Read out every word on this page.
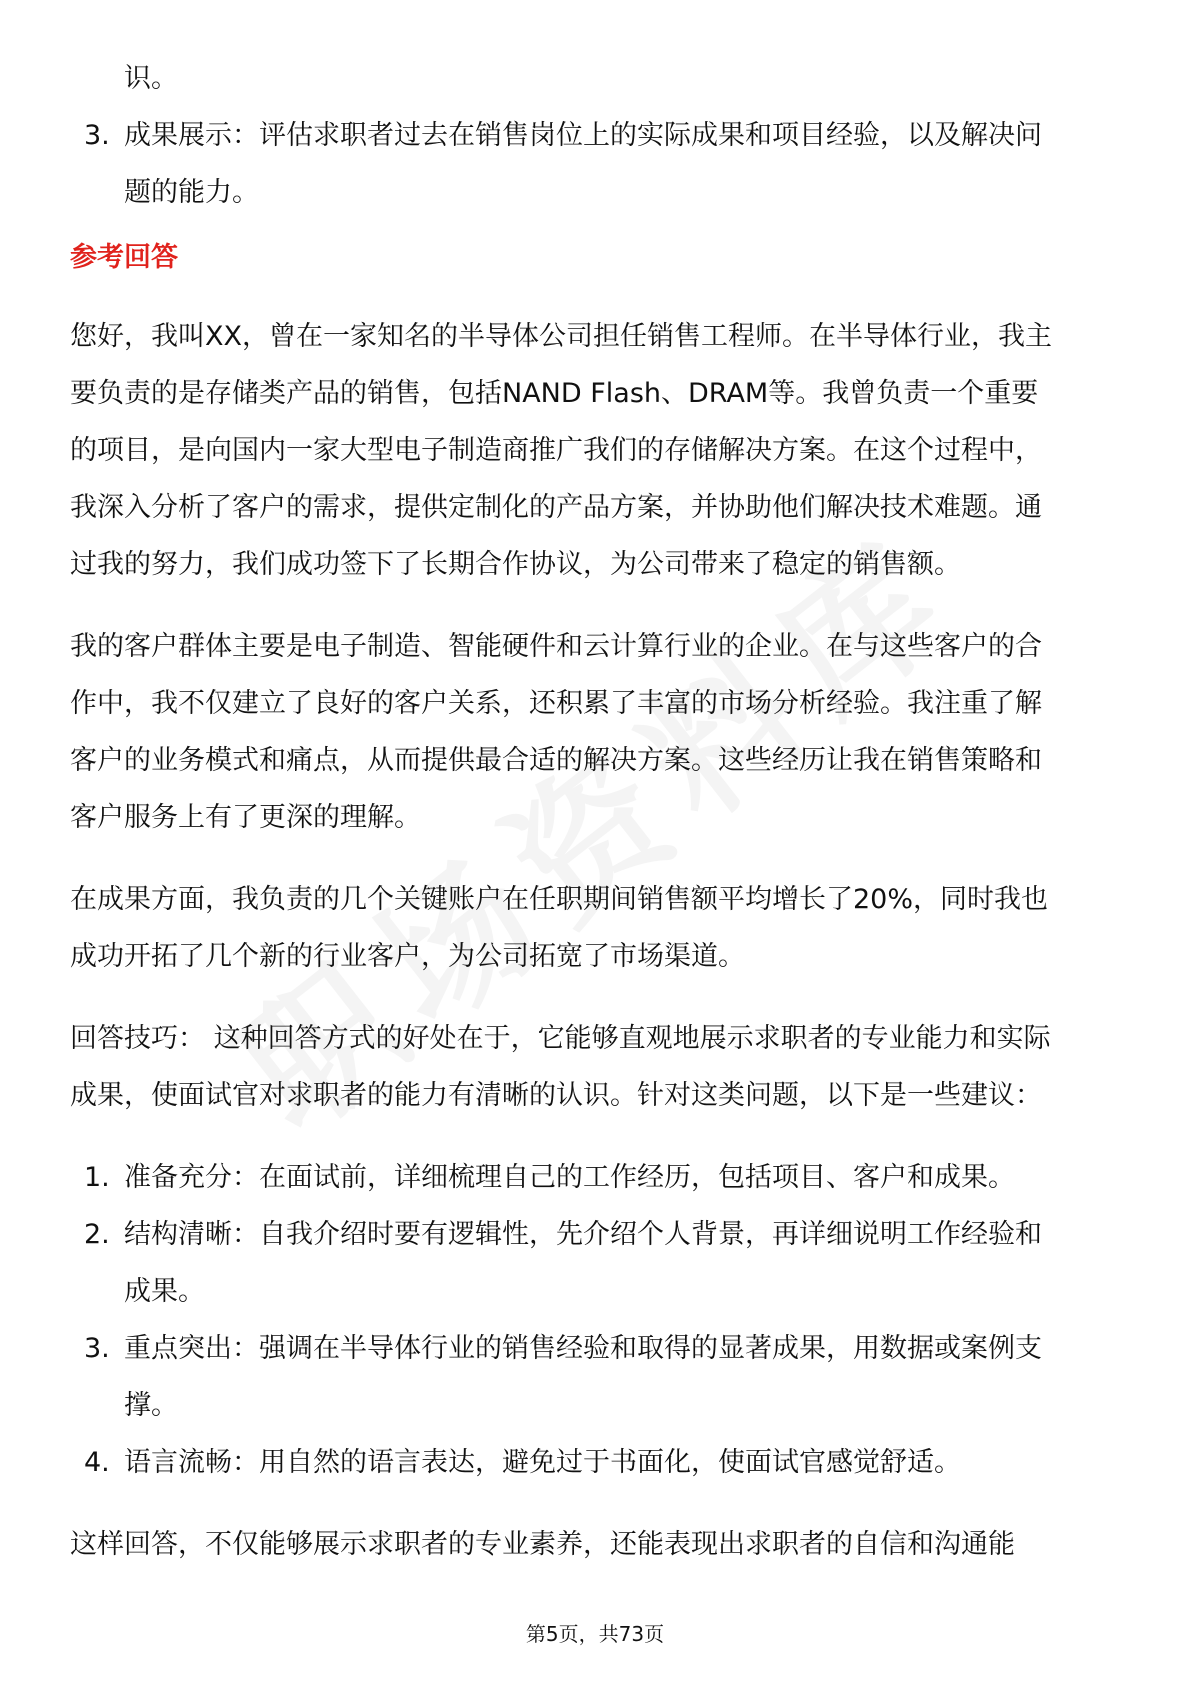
识。
3. 成果展示：评估求职者过去在销售岗位上的实际成果和项目经验，以及解决问
题的能力。
参考回答
您好，我叫XX，曾在一家知名的半导体公司担任销售工程师。在半导体行业，我主
要负责的是存储类产品的销售，包括NAND Flash、DRAM等。我曾负责一个重要
的项目，是向国内一家大型电子制造商推广我们的存储解决方案。在这个过程中，
我深入分析了客户的需求，提供定制化的产品方案，并协助他们解决技术难题。通
过我的努力，我们成功签下了长期合作协议，为公司带来了稳定的销售额。
我的客户群体主要是电子制造、智能硬件和云计算行业的企业。在与这些客户的合
作中，我不仅建立了良好的客户关系，还积累了丰富的市场分析经验。我注重了解
客户的业务模式和痛点，从而提供最合适的解决方案。这些经历让我在销售策略和
客户服务上有了更深的理解。
在成果方面，我负责的几个关键账户在任职期间销售额平均增长了20%，同时我也
成功开拓了几个新的行业客户，为公司拓宽了市场渠道。
回答技巧： 这种回答方式的好处在于，它能够直观地展示求职者的专业能力和实际
成果，使面试官对求职者的能力有清晰的认识。针对这类问题，以下是一些建议：
1. 准备充分：在面试前，详细梳理自己的工作经历，包括项目、客户和成果。
2. 结构清晰：自我介绍时要有逻辑性，先介绍个人背景，再详细说明工作经验和
成果。
3. 重点突出：强调在半导体行业的销售经验和取得的显著成果，用数据或案例支
撑。
4. 语言流畅：用自然的语言表达，避免过于书面化，使面试官感觉舒适。
这样回答，不仅能够展示求职者的专业素养，还能表现出求职者的自信和沟通能
第5页，共73页
